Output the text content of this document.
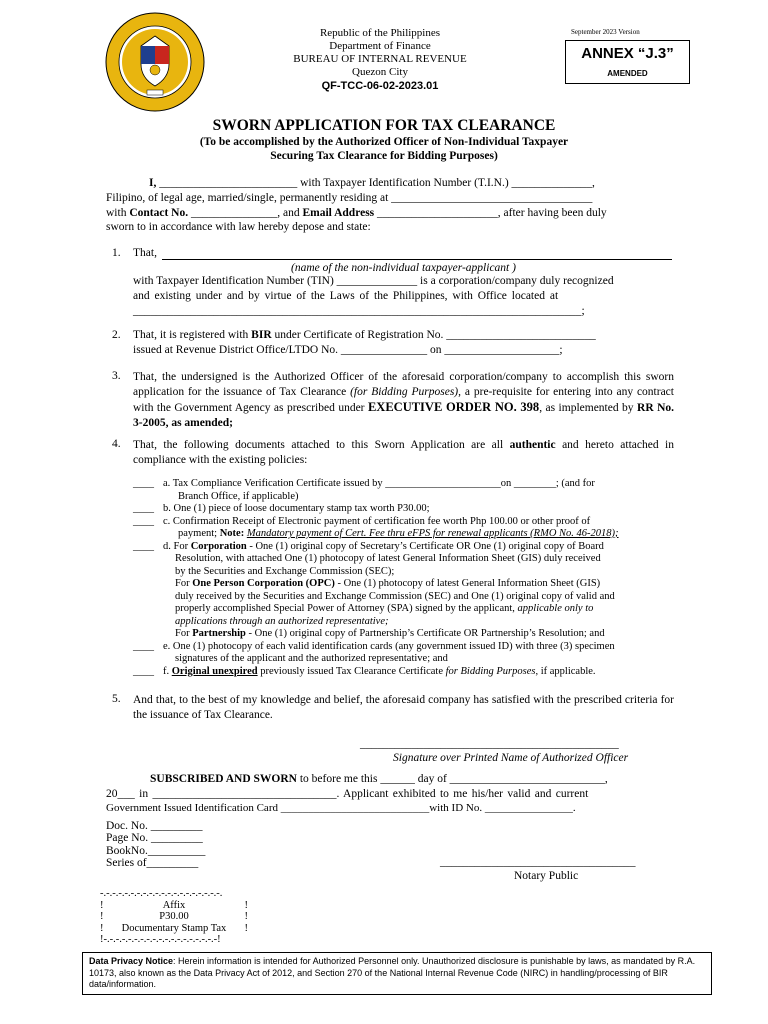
Republic of the Philippines
Department of Finance
BUREAU OF INTERNAL REVENUE
Quezon City
QF-TCC-06-02-2023.01
September 2023 Version
ANNEX “J.3”
AMENDED
SWORN APPLICATION FOR TAX CLEARANCE
(To be accomplished by the Authorized Officer of Non-Individual Taxpayer
Securing Tax Clearance for Bidding Purposes)
I, ________________________ with Taxpayer Identification Number (T.I.N.) ______________,
Filipino, of legal age, married/single, permanently residing at ___________________________________
with Contact No. _______________, and Email Address _____________________, after having been duly
sworn to in accordance with law hereby depose and state:
1. That,
(name of the non-individual taxpayer-applicant )
with Taxpayer Identification Number (TIN) ______________ is a corporation/company duly recognized
and existing under and by virtue of the Laws of the Philippines, with Office located at
______________________________________________________________________________;
2. That, it is registered with BIR under Certificate of Registration No. __________________________
issued at Revenue District Office/LTDO No. _______________ on ____________________;
3. That, the undersigned is the Authorized Officer of the aforesaid corporation/company to accomplish this sworn application for the issuance of Tax Clearance (for Bidding Purposes), a pre-requisite for entering into any contract with the Government Agency as prescribed under EXECUTIVE ORDER NO. 398, as implemented by RR No. 3-2005, as amended;
4. That, the following documents attached to this Sworn Application are all authentic and hereto attached in compliance with the existing policies:
____ a. Tax Compliance Verification Certificate issued by ______________________on ________; (and for
Branch Office, if applicable)
____ b. One (1) piece of loose documentary stamp tax worth P30.00;
____ c. Confirmation Receipt of Electronic payment of certification fee worth Php 100.00 or other proof of
payment; Note: Mandatory payment of Cert. Fee thru eFPS for renewal applicants (RMO No. 46-2018);
____ d. For Corporation - One (1) original copy of Secretary’s Certificate OR One (1) original copy of Board
Resolution, with attached One (1) photocopy of latest General Information Sheet (GIS) duly received
by the Securities and Exchange Commission (SEC);
For One Person Corporation (OPC) - One (1) photocopy of latest General Information Sheet (GIS)
duly received by the Securities and Exchange Commission (SEC) and One (1) original copy of valid and
properly accomplished Special Power of Attorney (SPA) signed by the applicant, applicable only to
applications through an authorized representative;
For Partnership - One (1) original copy of Partnership’s Certificate OR Partnership’s Resolution; and
____ e. One (1) photocopy of each valid identification cards (any government issued ID) with three (3) specimen
signatures of the applicant and the authorized representative; and
____ f. Original unexpired previously issued Tax Clearance Certificate for Bidding Purposes, if applicable.
5. And that, to the best of my knowledge and belief, the aforesaid company has satisfied with the prescribed criteria for the issuance of Tax Clearance.
_____________________________________________
Signature over Printed Name of Authorized Officer
SUBSCRIBED AND SWORN to before me this ______ day of ___________________________,
20___ in ________________________________. Applicant exhibited to me his/her valid and current
Government Issued Identification Card ___________________________with ID No. ________________.
Doc. No. _________
Page No. _________
BookNo.__________
Series of_________	__________________________________
Notary Public
-.-.-.-.-.-.-.-.-.-.-.-.-.-.-.-.-.-.-.-.
!	Affix	!
!	P30.00	!
! Documentary Stamp Tax !
!-.-.-.-.-.-.-.-.-.-.-.-.-.-.-.-.-.-.-!
Data Privacy Notice: Herein information is intended for Authorized Personnel only. Unauthorized disclosure is punishable by laws, as mandated by R.A. 10173, also known as the Data Privacy Act of 2012, and Section 270 of the National Internal Revenue Code (NIRC) in handling/processing of BIR data/information.
